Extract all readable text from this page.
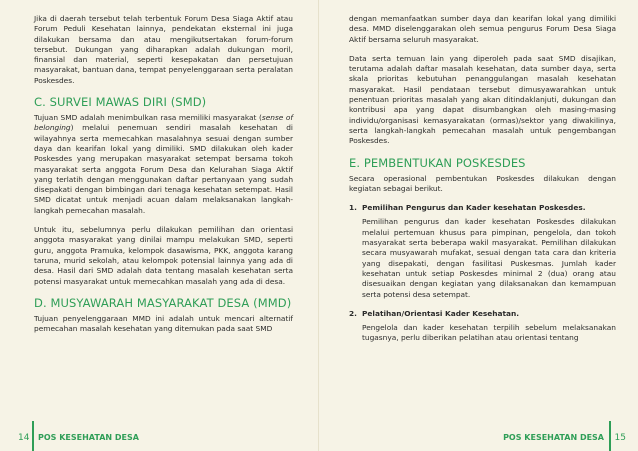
Jika di daerah tersebut telah terbentuk Forum Desa Siaga Aktif atau Forum Peduli Kesehatan lainnya, pendekatan eksternal ini juga dilakukan bersama dan atau mengikutsertakan forum-forum tersebut. Dukungan yang diharapkan adalah dukungan moril, finansial dan material, seperti kesepakatan dan persetujuan masyarakat, bantuan dana, tempat penyelenggaraan serta peralatan Poskesdes.

C. SURVEI MAWAS DIRI (SMD)

Tujuan SMD adalah menimbulkan rasa memiliki masyarakat (sense of belonging) melalui penemuan sendiri masalah kesehatan di wilayahnya serta memecahkan masalahnya sesuai dengan sumber daya dan kearifan lokal yang dimiliki. SMD dilakukan oleh kader Poskesdes yang merupakan masyarakat setempat bersama tokoh masyarakat serta anggota Forum Desa dan Kelurahan Siaga Aktif yang terlatih dengan menggunakan daftar pertanyaan yang sudah disepakati dengan bimbingan dari tenaga kesehatan setempat. Hasil SMD dicatat untuk menjadi acuan dalam melaksanakan langkah-langkah pemecahan masalah.

Untuk itu, sebelumnya perlu dilakukan pemilihan dan orientasi anggota masyarakat yang dinilai mampu melakukan SMD, seperti guru, anggota Pramuka, kelompok dasawisma, PKK, anggota karang taruna, murid sekolah, atau kelompok potensial lainnya yang ada di desa. Hasil dari SMD adalah data tentang masalah kesehatan serta potensi masyarakat untuk memecahkan masalah yang ada di desa.

D. MUSYAWARAH MASYARAKAT DESA (MMD)

Tujuan penyelenggaraan MMD ini adalah untuk mencari alternatif pemecahan masalah kesehatan yang ditemukan pada saat SMD

14 POS KESEHATAN DESA

dengan memanfaatkan sumber daya dan kearifan lokal yang dimiliki desa. MMD diselenggarakan oleh semua pengurus Forum Desa Siaga Aktif bersama seluruh masyarakat.

Data serta temuan lain yang diperoleh pada saat SMD disajikan, terutama adalah daftar masalah kesehatan, data sumber daya, serta skala prioritas kebutuhan penanggulangan masalah kesehatan masyarakat. Hasil pendataan tersebut dimusyawarahkan untuk penentuan prioritas masalah yang akan ditindaklanjuti, dukungan dan kontribusi apa yang dapat disumbangkan oleh masing-masing individu/organisasi kemasyarakatan (ormas)/sektor yang diwakilinya, serta langkah-langkah pemecahan masalah untuk pengembangan Poskesdes.

E. PEMBENTUKAN POSKESDES

Secara operasional pembentukan Poskesdes dilakukan dengan kegiatan sebagai berikut.

1. Pemilihan Pengurus dan Kader kesehatan Poskesdes.

Pemilihan pengurus dan kader kesehatan Poskesdes dilakukan melalui pertemuan khusus para pimpinan, pengelola, dan tokoh masyarakat serta beberapa wakil masyarakat. Pemilihan dilakukan secara musyawarah mufakat, sesuai dengan tata cara dan kriteria yang disepakati, dengan fasilitasi Puskesmas. Jumlah kader kesehatan untuk setiap Poskesdes minimal 2 (dua) orang atau disesuaikan dengan kegiatan yang dilaksanakan dan kemampuan serta potensi desa setempat.

2. Pelatihan/Orientasi Kader Kesehatan.

Pengelola dan kader kesehatan terpilih sebelum melaksanakan tugasnya, perlu diberikan pelatihan atau orientasi tentang

POS KESEHATAN DESA 15
